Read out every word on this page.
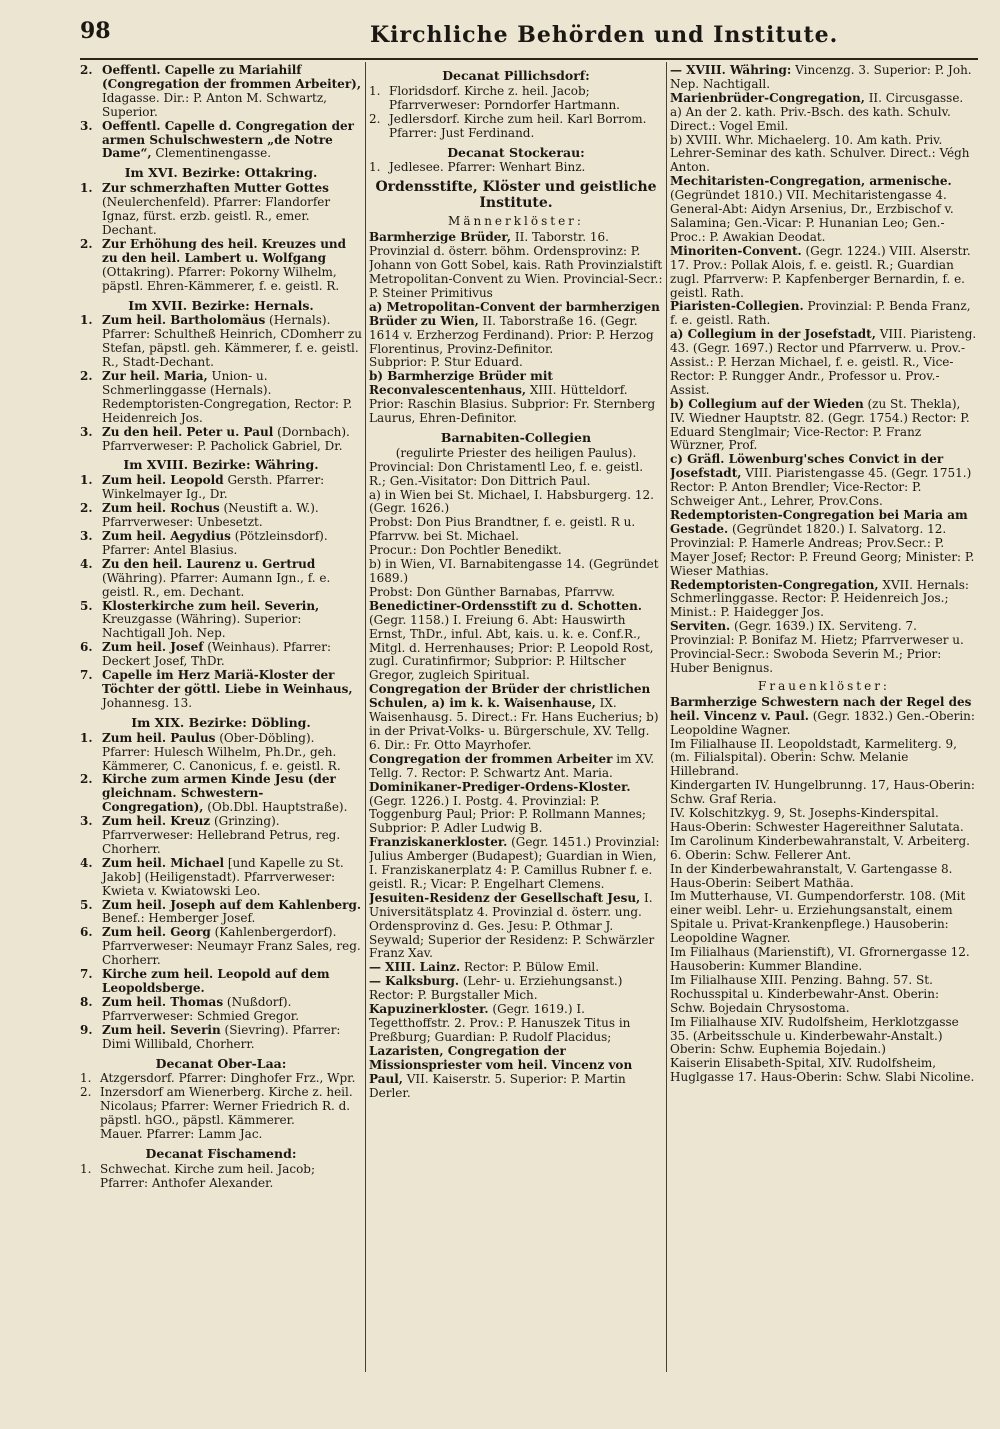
98	Kirchliche Behörden und Institute.
2. Oeffentl. Capelle zu Mariahilf (Congregation der frommen Arbeiter), Idagasse. Dir.: P. Anton M. Schwartz, Superior.
3. Oeffentl. Capelle d. Congregation der armen Schulschwestern „de Notre Dame“, Clementinengasse.
Im XVI. Bezirke: Ottakring.
1. Zur schmerzhaften Mutter Gottes (Neulerchenfeld). Pfarrer: Flandorfer Ignaz, fürst. erzb. geistl. R., emer. Dechant.
2. Zur Erhöhung des heil. Kreuzes und zu den heil. Lambert u. Wolfgang (Ottakring). Pfarrer: Pokorny Wilhelm, päpstl. Ehren-Kämmerer, f. e. geistl. R.
Im XVII. Bezirke: Hernals.
1. Zum heil. Bartholomäus (Hernals). Pfarrer: Schultheß Heinrich, CDomherr zu Stefan, päpstl. geh. Kämmerer, f. e. geistl. R., Stadt-Dechant.
2. Zur heil. Maria, Union- u. Schmerlinggasse (Hernals). Redemptoristen-Congregation, Rector: P. Heidenreich Jos.
3. Zu den heil. Peter u. Paul (Dornbach). Pfarrverweser: P. Pacholick Gabriel, Dr.
Im XVIII. Bezirke: Währing.
1. Zum heil. Leopold Gersth. Pfarrer: Winkelmayer Ig., Dr.
2. Zum heil. Rochus (Neustift a. W.). Pfarrverweser: Unbesetzt.
3. Zum heil. Aegydius (Pötzleinsdorf). Pfarrer: Antel Blasius.
4. Zu den heil. Laurenz u. Gertrud (Währing). Pfarrer: Aumann Ign., f. e. geistl. R., em. Dechant.
5. Klosterkirche zum heil. Severin, Kreuzgasse (Währing). Superior: Nachtigall Joh. Nep.
6. Zum heil. Josef (Weinhaus). Pfarrer: Deckert Josef, ThDr.
7. Capelle im Herz Mariä-Kloster der Töchter der göttl. Liebe in Weinhaus, Johannesg. 13.
Im XIX. Bezirke: Döbling.
1. Zum heil. Paulus (Ober-Döbling). Pfarrer: Hulesch Wilhelm, Ph.Dr., geh. Kämmerer, C. Canonicus, f. e. geistl. R.
2. Kirche zum armen Kinde Jesu (der gleichnam. Schwestern-Congregation), (Ob.Dbl. Hauptstraße).
3. Zum heil. Kreuz (Grinzing). Pfarrverweser: Hellebrand Petrus, reg. Chorherr.
4. Zum heil. Michael [und Kapelle zu St. Jakob] (Heiligenstadt). Pfarrverweser: Kwieta v. Kwiatowski Leo.
5. Zum heil. Joseph auf dem Kahlenberg. Benef.: Hemberger Josef.
6. Zum heil. Georg (Kahlenbergerdorf). Pfarrverweser: Neumayr Franz Sales, reg. Chorherr.
7. Kirche zum heil. Leopold auf dem Leopoldsberge.
8. Zum heil. Thomas (Nußdorf). Pfarrverweser: Schmied Gregor.
9. Zum heil. Severin (Sievring). Pfarrer: Dimi Willibald, Chorherr.
Decanat Ober-Laa:
1. Atzgersdorf. Pfarrer: Dinghofer Frz., Wpr.
2. Inzersdorf am Wienerberg. Kirche z. heil. Nicolaus; Pfarrer: Werner Friedrich R. d. päpstl. hGO., päpstl. Kämmerer.
Mauer. Pfarrer: Lamm Jac.
Decanat Fischamend:
1. Schwechat. Kirche zum heil. Jacob; Pfarrer: Anthofer Alexander.
Decanat Pillichsdorf:
1. Floridsdorf. Kirche z. heil. Jacob; Pfarrverweser: Porndorfer Hartmann.
2. Jedlersdorf. Kirche zum heil. Karl Borrom. Pfarrer: Just Ferdinand.
Decanat Stockerau:
1. Jedlesee. Pfarrer: Wenhart Binz.
Ordensstifte, Klöster und geistliche Institute.
Männerklöster:
Barmherzige Brüder, II. Taborstr. 16. Provinzial d. österr. böhm. Ordensprovinz: P. Johann von Gott Sobel, kais. Rath Provinzialstift Metropolitan-Convent zu Wien. Provincial-Secr.: P. Steiner Primitivus
a) Metropolitan-Convent der barmherzigen Brüder zu Wien, II. Taborstraße 16. (Gegr. 1614 v. Erzherzog Ferdinand). Prior: P. Herzog Florentinus, Provinz-Definitor.
Subprior: P. Stur Eduard.
b) Barmherzige Brüder mit Reconvalescentenhaus, XIII. Hütteldorf. Prior: Raschin Blasius. Subprior: Fr. Sternberg Laurus, Ehren-Definitor.
Barnabiten-Collegien
(regulirte Priester des heiligen Paulus).
Provincial: Don Christamentl Leo, f. e. geistl. R.; Gen.-Visitator: Don Dittrich Paul.
a) in Wien bei St. Michael, I. Habsburgerg. 12. (Gegr. 1626.)
Probst: Don Pius Brandtner, f. e. geistl. R u. Pfarrvw. bei St. Michael.
Procur.: Don Pochtler Benedikt.
b) in Wien, VI. Barnabitengasse 14. (Gegründet 1689.)
Probst: Don Günther Barnabas, Pfarrvw.
Benedictiner-Ordensstift zu d. Schotten. (Gegr. 1158.) I. Freiung 6. Abt: Hauswirth Ernst, ThDr., inful. Abt, kais. u. k. e. Conf.R., Mitgl. d. Herrenhauses; Prior: P. Leopold Rost, zugl. Curatinfirmor; Subprior: P. Hiltscher Gregor, zugleich Spiritual.
Congregation der Brüder der christlichen Schulen, a) im k. k. Waisenhause, IX. Waisenhausg. 5. Direct.: Fr. Hans Eucherius; b) in der Privat-Volks- u. Bürgerschule, XV. Tellg. 6. Dir.: Fr. Otto Mayrhofer.
Congregation der frommen Arbeiter im XV. Tellg. 7. Rector: P. Schwartz Ant. Maria.
Dominikaner-Prediger-Ordens-Kloster. (Gegr. 1226.) I. Postg. 4. Provinzial: P. Toggenburg Paul; Prior: P. Rollmann Mannes; Subprior: P. Adler Ludwig B.
Franziskanerkloster. (Gegr. 1451.) Provinzial: Julius Amberger (Budapest); Guardian in Wien, I. Franziskanerplatz 4: P. Camillus Rubner f. e. geistl. R.; Vicar: P. Engelhart Clemens.
Jesuiten-Residenz der Gesellschaft Jesu, I. Universitätsplatz 4. Provinzial d. österr. ung. Ordensprovinz d. Ges. Jesu: P. Othmar J. Seywald; Superior der Residenz: P. Schwärzler Franz Xav.
— XIII. Lainz. Rector: P. Bülow Emil.
— Kalksburg. (Lehr- u. Erziehungsanst.) Rector: P. Burgstaller Mich.
Kapuzinerkloster. (Gegr. 1619.) I. Tegetthoffstr. 2. Prov.: P. Hanuszek Titus in Preßburg; Guardian: P. Rudolf Placidus;
Lazaristen, Congregation der Missionspriester vom heil. Vincenz von Paul, VII. Kaiserstr. 5. Superior: P. Martin Derler.
— XVIII. Währing: Vincenzg. 3. Superior: P. Joh. Nep. Nachtigall.
Marienbrüder-Congregation, II. Circusgasse.
a) An der 2. kath. Priv.-Bsch. des kath. Schulv. Direct.: Vogel Emil.
b) XVIII. Whr. Michaelerg. 10. Am kath. Priv. Lehrer-Seminar des kath. Schulver. Direct.: Végh Anton.
Mechitaristen-Congregation, armenische. (Gegründet 1810.) VII. Mechitaristengasse 4. General-Abt: Aidyn Arsenius, Dr., Erzbischof v. Salamina; Gen.-Vicar: P. Hunanian Leo; Gen.-Proc.: P. Awakian Deodat.
Minoriten-Convent. (Gegr. 1224.) VIII. Alserstr. 17. Prov.: Pollak Alois, f. e. geistl. R.; Guardian zugl. Pfarrverw: P. Kapfenberger Bernardin, f. e. geistl. Rath.
Piaristen-Collegien. Provinzial: P. Benda Franz, f. e. geistl. Rath.
a) Collegium in der Josefstadt, VIII. Piaristeng. 43. (Gegr. 1697.) Rector und Pfarrverw. u. Prov.-Assist.: P. Herzan Michael, f. e. geistl. R., Vice-Rector: P. Rungger Andr., Professor u. Prov.-Assist.
b) Collegium auf der Wieden (zu St. Thekla), IV. Wiedner Hauptstr. 82. (Gegr. 1754.) Rector: P. Eduard Stenglmair; Vice-Rector: P. Franz Würzner, Prof.
c) Gräfl. Löwenburg'sches Convict in der Josefstadt, VIII. Piaristengasse 45. (Gegr. 1751.) Rector: P. Anton Brendler; Vice-Rector: P. Schweiger Ant., Lehrer, Prov.Cons.
Redemptoristen-Congregation bei Maria am Gestade. (Gegründet 1820.) I. Salvatorg. 12. Provinzial: P. Hamerle Andreas; Prov.Secr.: P. Mayer Josef; Rector: P. Freund Georg; Minister: P. Wieser Mathias.
Redemptoristen-Congregation, XVII. Hernals: Schmerlinggasse. Rector: P. Heidenreich Jos.; Minist.: P. Haidegger Jos.
Serviten. (Gegr. 1639.) IX. Serviteng. 7. Provinzial: P. Bonifaz M. Hietz; Pfarrverweser u. Provincial-Secr.: Swoboda Severin M.; Prior: Huber Benignus.
Frauenklöster:
Barmherzige Schwestern nach der Regel des heil. Vincenz v. Paul. (Gegr. 1832.) Gen.-Oberin: Leopoldine Wagner.
Im Filialhause II. Leopoldstadt, Karmeliterg. 9, (m. Filialspital). Oberin: Schw. Melanie Hillebrand.
Kindergarten IV. Hungelbrunng. 17, Haus-Oberin: Schw. Graf Reria.
IV. Kolschitzkyg. 9, St. Josephs-Kinderspital. Haus-Oberin: Schwester Hagereithner Salutata.
Im Carolinum Kinderbewahranstalt, V. Arbeiterg. 6. Oberin: Schw. Fellerer Ant.
In der Kinderbewahranstalt, V. Gartengasse 8. Haus-Oberin: Seibert Mathäa.
Im Mutterhause, VI. Gumpendorferstr. 108. (Mit einer weibl. Lehr- u. Erziehungsanstalt, einem Spitale u. Privat-Krankenpflege.) Hausoberin: Leopoldine Wagner.
Im Filialhaus (Marienstift), VI. Gfrornergasse 12. Hausoberin: Kummer Blandine.
Im Filialhause XIII. Penzing. Bahng. 57. St. Rochusspital u. Kinderbewahr-Anst. Oberin: Schw. Bojedain Chrysostoma.
Im Filialhause XIV. Rudolfsheim, Herklotzgasse 35. (Arbeitsschule u. Kinderbewahr-Anstalt.) Oberin: Schw. Euphemia Bojedain.)
Kaiserin Elisabeth-Spital, XIV. Rudolfsheim, Huglgasse 17. Haus-Oberin: Schw. Slabi Nicoline.
